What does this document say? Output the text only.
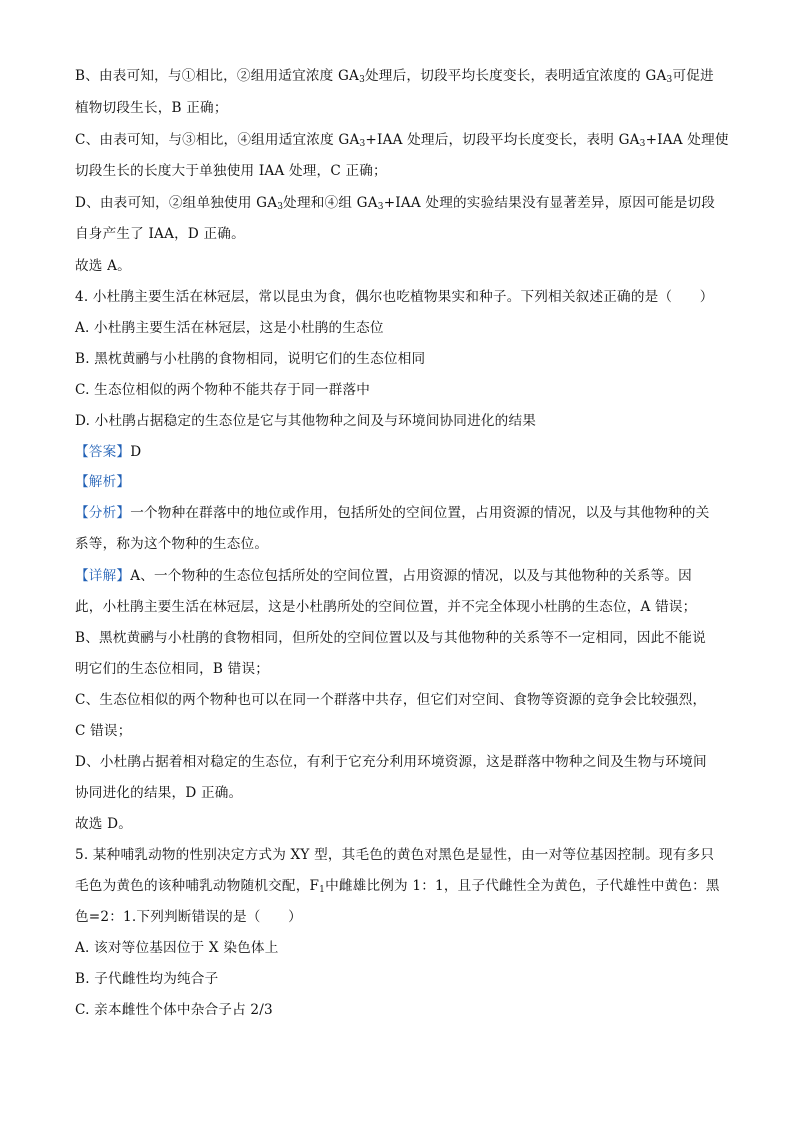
B、由表可知，与①相比，②组用适宜浓度 $GA_3$处理后，切段平均长度变长，表明适宜浓度的 $GA_3$可促进
植物切段生长，B 正确；
C、由表可知，与③相比，④组用适宜浓度 $GA_3+IAA$ 处理后，切段平均长度变长，表明 $GA_3+IAA$ 处理使
切段生长的长度大于单独使用 IAA 处理，C 正确；
D、由表可知，②组单独使用 $GA_3$处理和④组 $GA_3+IAA$ 处理的实验结果没有显著差异，原因可能是切段
自身产生了 IAA，D 正确。
故选 A。
4. 小杜鹃主要生活在林冠层，常以昆虫为食，偶尔也吃植物果实和种子。下列相关叙述正确的是（　　）
A. 小杜鹃主要生活在林冠层，这是小杜鹃的生态位
B. 黑枕黄鹂与小杜鹃的食物相同，说明它们的生态位相同
C. 生态位相似的两个物种不能共存于同一群落中
D. 小杜鹃占据稳定的生态位是它与其他物种之间及与环境间协同进化的结果
【答案】D
【解析】
【分析】一个物种在群落中的地位或作用，包括所处的空间位置，占用资源的情况，以及与其他物种的关
系等，称为这个物种的生态位。
【详解】A、一个物种的生态位包括所处的空间位置，占用资源的情况，以及与其他物种的关系等。因
此，小杜鹃主要生活在林冠层，这是小杜鹃所处的空间位置，并不完全体现小杜鹃的生态位，A 错误；
B、黑枕黄鹂与小杜鹃的食物相同，但所处的空间位置以及与其他物种的关系等不一定相同，因此不能说
明它们的生态位相同，B 错误；
C、生态位相似的两个物种也可以在同一个群落中共存，但它们对空间、食物等资源的竞争会比较强烈，
C 错误；
D、小杜鹃占据着相对稳定的生态位，有利于它充分利用环境资源，这是群落中物种之间及生物与环境间
协同进化的结果，D 正确。
故选 D。
5. 某种哺乳动物的性别决定方式为 XY 型，其毛色的黄色对黑色是显性，由一对等位基因控制。现有多只
毛色为黄色的该种哺乳动物随机交配，$F_1$中雌雄比例为 1：1，且子代雌性全为黄色，子代雄性中黄色：黑
色=2：1.下列判断错误的是（　　）
A. 该对等位基因位于 X 染色体上
B. 子代雌性均为纯合子
C. 亲本雌性个体中杂合子占 2/3
